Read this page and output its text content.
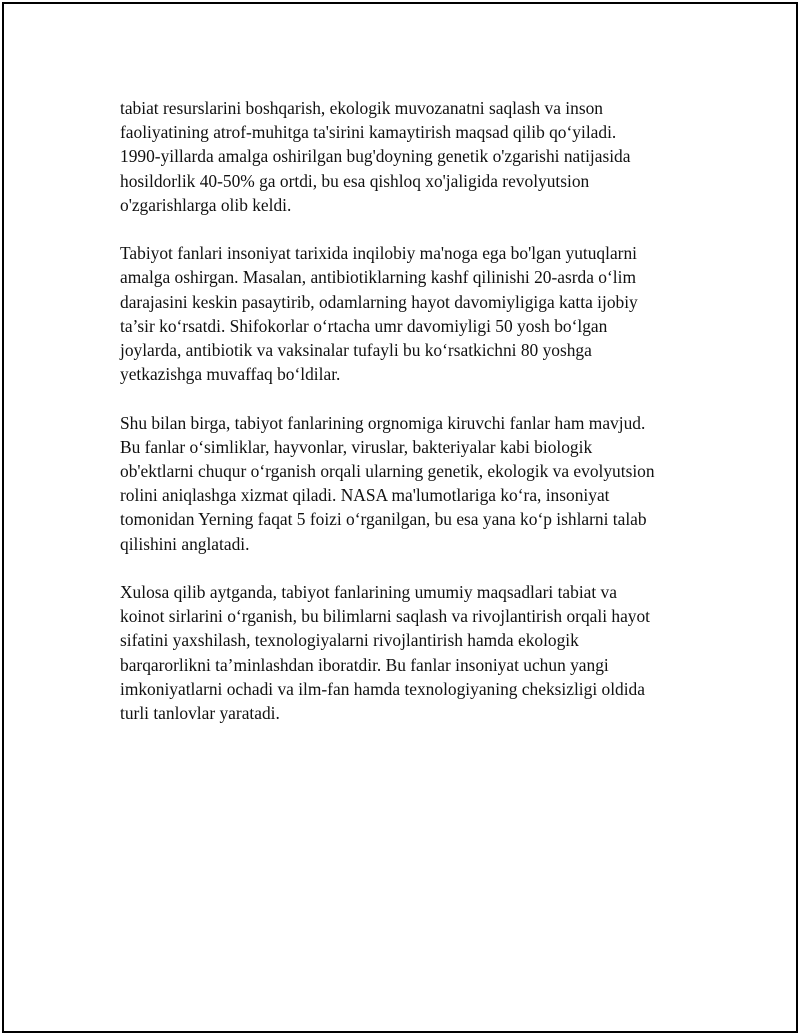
tabiat resurslarini boshqarish, ekologik muvozanatni saqlash va inson
faoliyatining atrof-muhitga ta'sirini kamaytirish maqsad qilib qo‘yiladi.
1990-yillarda amalga oshirilgan bug'doyning genetik o'zgarishi natijasida
hosildorlik 40-50% ga ortdi, bu esa qishloq xo'jaligida revolyutsion
o'zgarishlarga olib keldi.

Tabiyot fanlari insoniyat tarixida inqilobiy ma'noga ega bo'lgan yutuqlarni
amalga oshirgan. Masalan, antibiotiklarning kashf qilinishi 20-asrda o‘lim
darajasini keskin pasaytirib, odamlarning hayot davomiyligiga katta ijobiy
ta’sir ko‘rsatdi. Shifokorlar o‘rtacha umr davomiyligi 50 yosh bo‘lgan
joylarda, antibiotik va vaksinalar tufayli bu ko‘rsatkichni 80 yoshga
yetkazishga muvaffaq bo‘ldilar.

Shu bilan birga, tabiyot fanlarining orgnomiga kiruvchi fanlar ham mavjud.
Bu fanlar o‘simliklar, hayvonlar, viruslar, bakteriyalar kabi biologik
ob'ektlarni chuqur o‘rganish orqali ularning genetik, ekologik va evolyutsion
rolini aniqlashga xizmat qiladi. NASA ma'lumotlariga ko‘ra, insoniyat
tomonidan Yerning faqat 5 foizi o‘rganilgan, bu esa yana ko‘p ishlarni talab
qilishini anglatadi.

Xulosa qilib aytganda, tabiyot fanlarining umumiy maqsadlari tabiat va
koinot sirlarini o‘rganish, bu bilimlarni saqlash va rivojlantirish orqali hayot
sifatini yaxshilash, texnologiyalarni rivojlantirish hamda ekologik
barqarorlikni ta’minlashdan iboratdir. Bu fanlar insoniyat uchun yangi
imkoniyatlarni ochadi va ilm-fan hamda texnologiyaning cheksizligi oldida
turli tanlovlar yaratadi.
